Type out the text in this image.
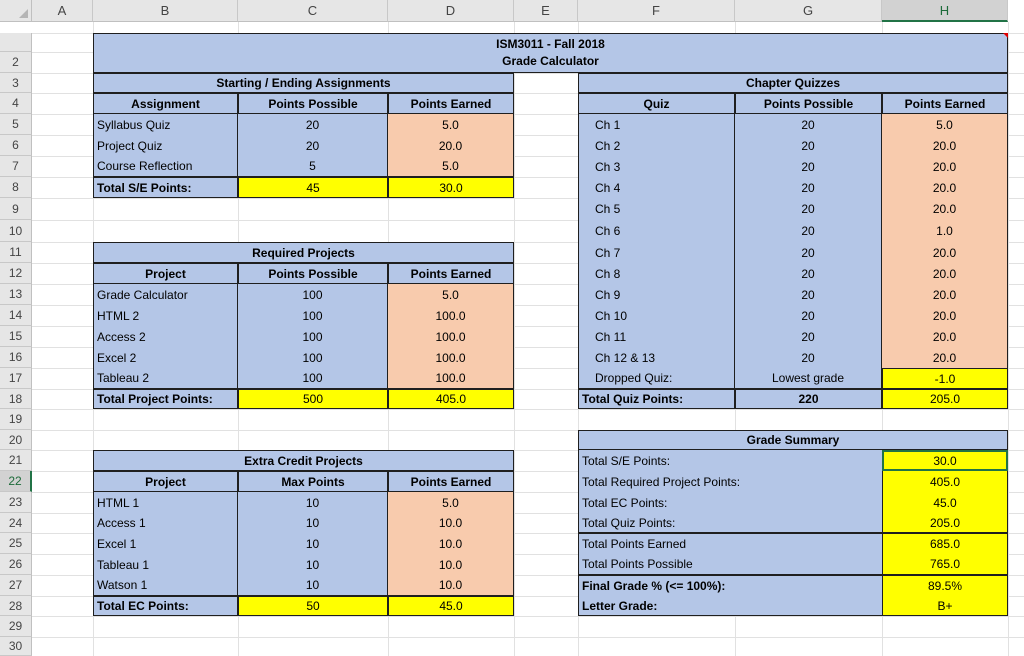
A	B	C	D	E	F	G	H
2
3
4
5
6
7
8
9
10
11
12
13
14
15
16
17
18
19
20
21
22
23
24
25
26
27
28
29
30
ISM3011 - Fall 2018
Grade Calculator
Starting / Ending Assignments
Assignment	Points Possible	Points Earned
Syllabus Quiz	20	5.0
Project Quiz	20	20.0
Course Reflection	5	5.0
Total S/E Points:	45	30.0
Required Projects
Project	Points Possible	Points Earned
Grade Calculator	100	5.0
HTML 2	100	100.0
Access 2	100	100.0
Excel 2	100	100.0
Tableau 2	100	100.0
Total Project Points:	500	405.0
Extra Credit Projects
Project	Max Points	Points Earned
HTML 1	10	5.0
Access 1	10	10.0
Excel 1	10	10.0
Tableau 1	10	10.0
Watson 1	10	10.0
Total EC Points:	50	45.0
Chapter Quizzes
Quiz	Points Possible	Points Earned
Ch 1	20	5.0
Ch 2	20	20.0
Ch 3	20	20.0
Ch 4	20	20.0
Ch 5	20	20.0
Ch 6	20	1.0
Ch 7	20	20.0
Ch 8	20	20.0
Ch 9	20	20.0
Ch 10	20	20.0
Ch 11	20	20.0
Ch 12 & 13	20	20.0
Dropped Quiz:	Lowest grade	-1.0
Total Quiz Points:	220	205.0
Grade Summary
Total S/E Points:	30.0
Total Required Project Points:	405.0
Total EC Points:	45.0
Total Quiz Points:	205.0
Total Points Earned	685.0
Total Points Possible	765.0
Final Grade % (<= 100%):	89.5%
Letter Grade:	B+
